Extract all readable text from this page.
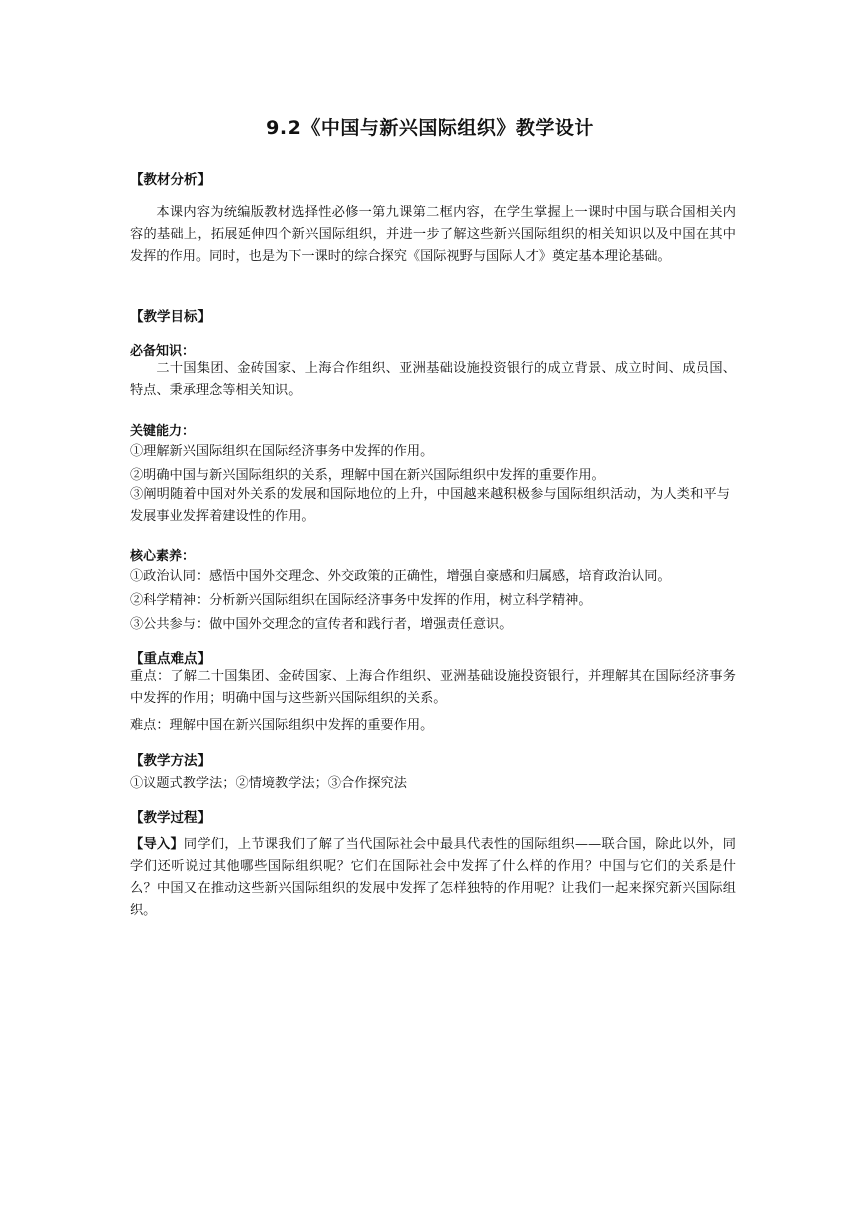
9.2《中国与新兴国际组织》教学设计
【教材分析】
本课内容为统编版教材选择性必修一第九课第二框内容，在学生掌握上一课时中国与联合国相关内容的基础上，拓展延伸四个新兴国际组织，并进一步了解这些新兴国际组织的相关知识以及中国在其中发挥的作用。同时，也是为下一课时的综合探究《国际视野与国际人才》奠定基本理论基础。
【教学目标】
必备知识：
二十国集团、金砖国家、上海合作组织、亚洲基础设施投资银行的成立背景、成立时间、成员国、特点、秉承理念等相关知识。
关键能力：
①理解新兴国际组织在国际经济事务中发挥的作用。
②明确中国与新兴国际组织的关系，理解中国在新兴国际组织中发挥的重要作用。
③阐明随着中国对外关系的发展和国际地位的上升，中国越来越积极参与国际组织活动，为人类和平与发展事业发挥着建设性的作用。
核心素养：
①政治认同：感悟中国外交理念、外交政策的正确性，增强自豪感和归属感，培育政治认同。
②科学精神：分析新兴国际组织在国际经济事务中发挥的作用，树立科学精神。
③公共参与：做中国外交理念的宣传者和践行者，增强责任意识。
【重点难点】
重点：了解二十国集团、金砖国家、上海合作组织、亚洲基础设施投资银行，并理解其在国际经济事务中发挥的作用；明确中国与这些新兴国际组织的关系。
难点：理解中国在新兴国际组织中发挥的重要作用。
【教学方法】
①议题式教学法；②情境教学法；③合作探究法
【教学过程】
【导入】同学们，上节课我们了解了当代国际社会中最具代表性的国际组织——联合国，除此以外，同学们还听说过其他哪些国际组织呢？它们在国际社会中发挥了什么样的作用？中国与它们的关系是什么？中国又在推动这些新兴国际组织的发展中发挥了怎样独特的作用呢？让我们一起来探究新兴国际组织。
